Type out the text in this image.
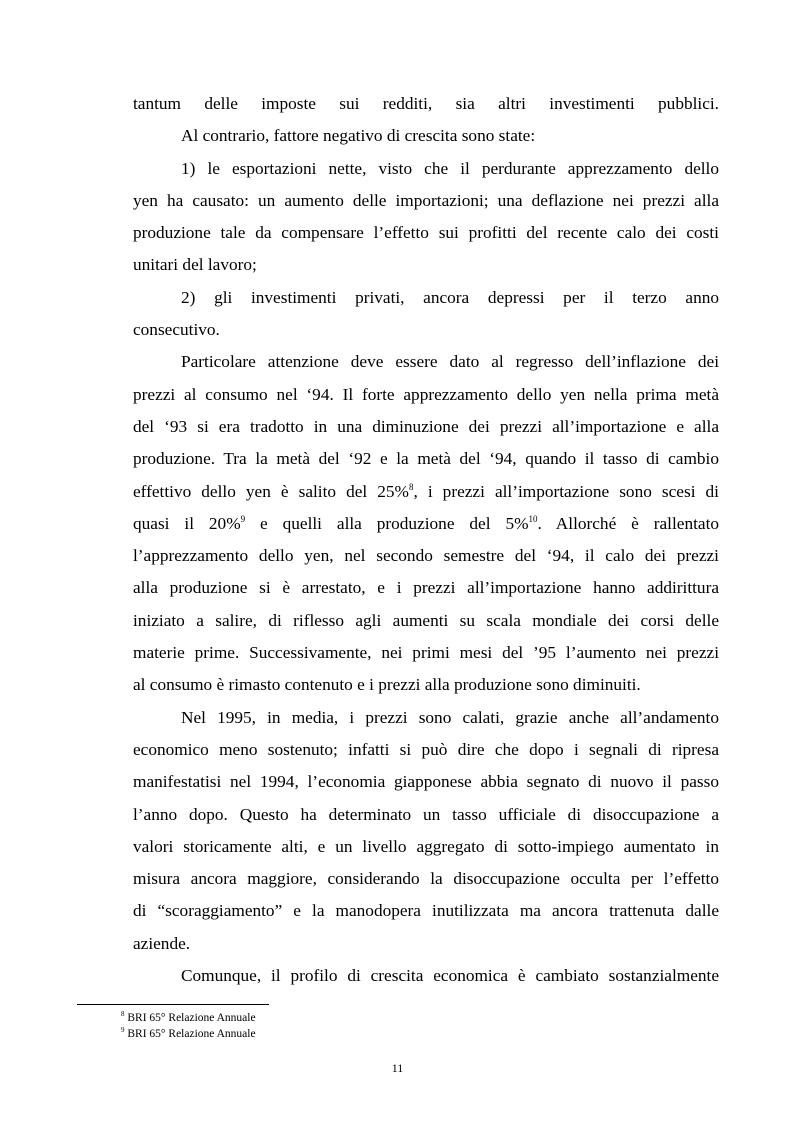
tantum delle imposte sui redditi, sia altri investimenti pubblici.
Al contrario, fattore negativo di crescita sono state:
1) le esportazioni nette, visto che il perdurante apprezzamento dello
yen ha causato: un aumento delle importazioni; una deflazione nei prezzi alla
produzione tale da compensare l’effetto sui profitti del recente calo dei costi
unitari del lavoro;
2) gli investimenti privati, ancora depressi per il terzo anno
consecutivo.
Particolare attenzione deve essere dato al regresso dell’inflazione dei
prezzi al consumo nel ‘94. Il forte apprezzamento dello yen nella prima metà
del ‘93 si era tradotto in una diminuzione dei prezzi all’importazione e alla
produzione. Tra la metà del ‘92 e la metà del ‘94, quando il tasso di cambio
effettivo dello yen è salito del 25%$^8$, i prezzi all’importazione sono scesi di
quasi il 20%$^9$ e quelli alla produzione del 5%$^{10}$. Allorché è rallentato
l’apprezzamento dello yen, nel secondo semestre del ‘94, il calo dei prezzi
alla produzione si è arrestato, e i prezzi all’importazione hanno addirittura
iniziato a salire, di riflesso agli aumenti su scala mondiale dei corsi delle
materie prime. Successivamente, nei primi mesi del ’95 l’aumento nei prezzi
al consumo è rimasto contenuto e i prezzi alla produzione sono diminuiti.
Nel 1995, in media, i prezzi sono calati, grazie anche all’andamento
economico meno sostenuto; infatti si può dire che dopo i segnali di ripresa
manifestatisi nel 1994, l’economia giapponese abbia segnato di nuovo il passo
l’anno dopo. Questo ha determinato un tasso ufficiale di disoccupazione a
valori storicamente alti, e un livello aggregato di sotto-impiego aumentato in
misura ancora maggiore, considerando la disoccupazione occulta per l’effetto
di “scoraggiamento” e la manodopera inutilizzata ma ancora trattenuta dalle
aziende.
Comunque, il profilo di crescita economica è cambiato sostanzialmente
$^8$ BRI 65° Relazione Annuale
$^9$ BRI 65° Relazione Annuale
11
